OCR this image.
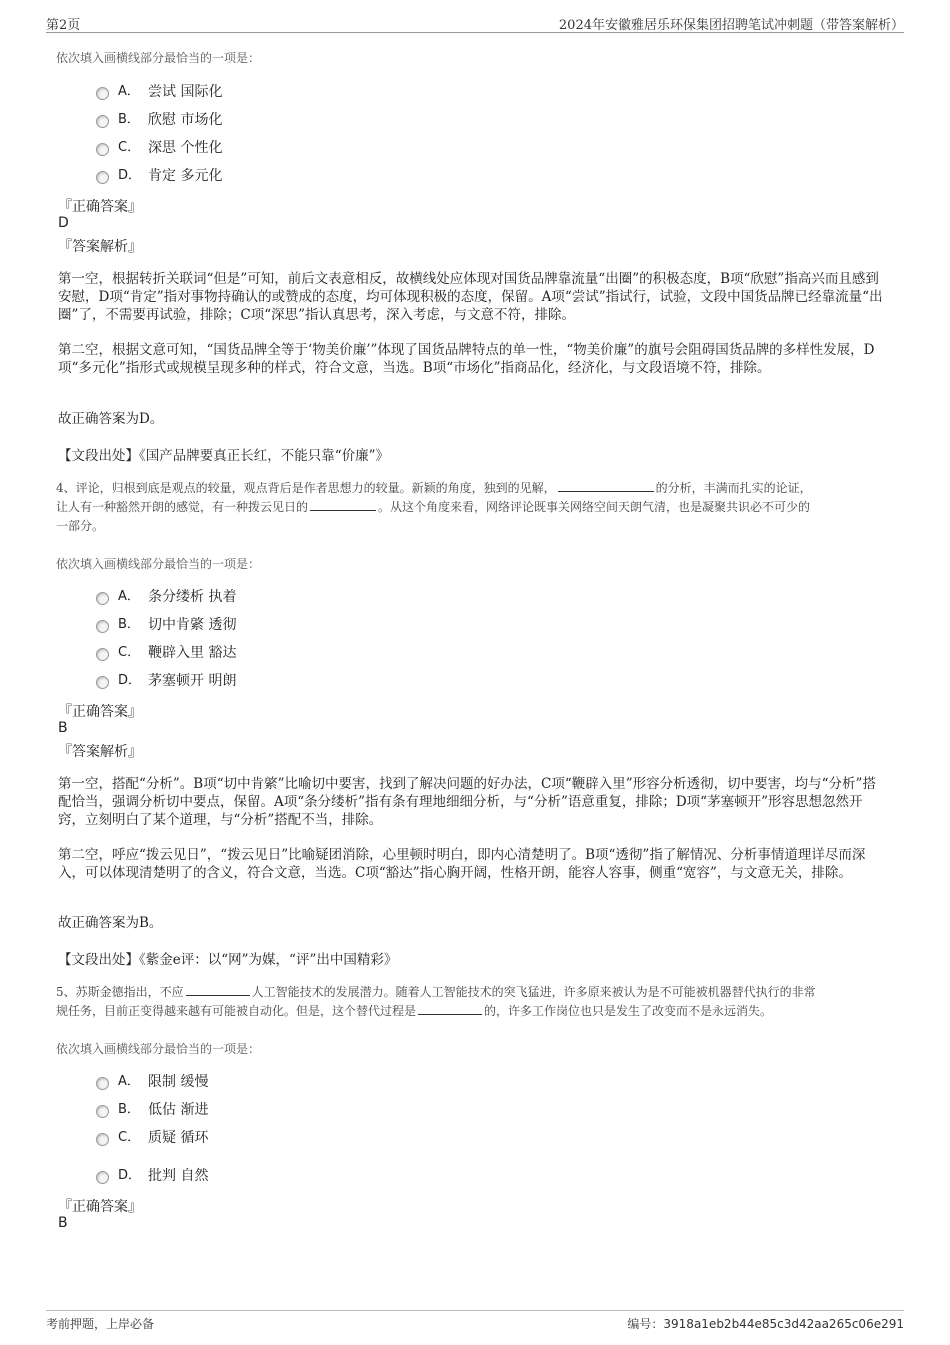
第2页	2024年安徽雅居乐环保集团招聘笔试冲刺题（带答案解析）
依次填入画横线部分最恰当的一项是：
A． 尝试 国际化
B． 欣慰 市场化
C． 深思 个性化
D． 肯定 多元化
『正确答案』
D
『答案解析』
第一空，根据转折关联词“但是”可知，前后文表意相反，故横线处应体现对国货品牌靠流量“出圈”的积极态度，B项“欣慰”指高兴而且感到安慰，D项“肯定”指对事物持确认的或赞成的态度，均可体现积极的态度，保留。A项“尝试”指试行，试验，文段中国货品牌已经靠流量“出圈”了，不需要再试验，排除；C项“深思”指认真思考，深入考虑，与文意不符，排除。
第二空，根据文意可知，“国货品牌全等于‘物美价廉’”体现了国货品牌特点的单一性，“物美价廉”的旗号会阻碍国货品牌的多样性发展，D项“多元化”指形式或规模呈现多种的样式，符合文意，当选。B项“市场化”指商品化，经济化，与文段语境不符，排除。
故正确答案为D。
【文段出处】《国产品牌要真正长红，不能只靠“价廉”》
4、评论，归根到底是观点的较量，观点背后是作者思想力的较量。新颖的角度，独到的见解，	的分析，丰满而扎实的论证，
让人有一种豁然开朗的感觉，有一种拨云见日的	。从这个角度来看，网络评论既事关网络空间天朗气清，也是凝聚共识必不可少的
一部分。
依次填入画横线部分最恰当的一项是：
A． 条分缕析 执着
B． 切中肯綮 透彻
C． 鞭辟入里 豁达
D． 茅塞顿开 明朗
『正确答案』
B
『答案解析』
第一空，搭配“分析”。B项“切中肯綮”比喻切中要害，找到了解决问题的好办法，C项“鞭辟入里”形容分析透彻，切中要害，均与“分析”搭配恰当，强调分析切中要点，保留。A项“条分缕析”指有条有理地细细分析，与“分析”语意重复，排除；D项“茅塞顿开”形容思想忽然开窍，立刻明白了某个道理，与“分析”搭配不当，排除。
第二空，呼应“拨云见日”，“拨云见日”比喻疑团消除，心里顿时明白，即内心清楚明了。B项“透彻”指了解情况、分析事情道理详尽而深入，可以体现清楚明了的含义，符合文意，当选。C项“豁达”指心胸开阔，性格开朗，能容人容事，侧重“宽容”，与文意无关，排除。
故正确答案为B。
【文段出处】《紫金e评：以“网”为媒，“评”出中国精彩》
5、苏斯金德指出，不应	人工智能技术的发展潜力。随着人工智能技术的突飞猛进，许多原来被认为是不可能被机器替代执行的非常
规任务，目前正变得越来越有可能被自动化。但是，这个替代过程是	的，许多工作岗位也只是发生了改变而不是永远消失。
依次填入画横线部分最恰当的一项是：
A． 限制 缓慢
B． 低估 渐进
C． 质疑 循环
D． 批判 自然
『正确答案』
B
考前押题，上岸必备	编号：3918a1eb2b44e85c3d42aa265c06e291
